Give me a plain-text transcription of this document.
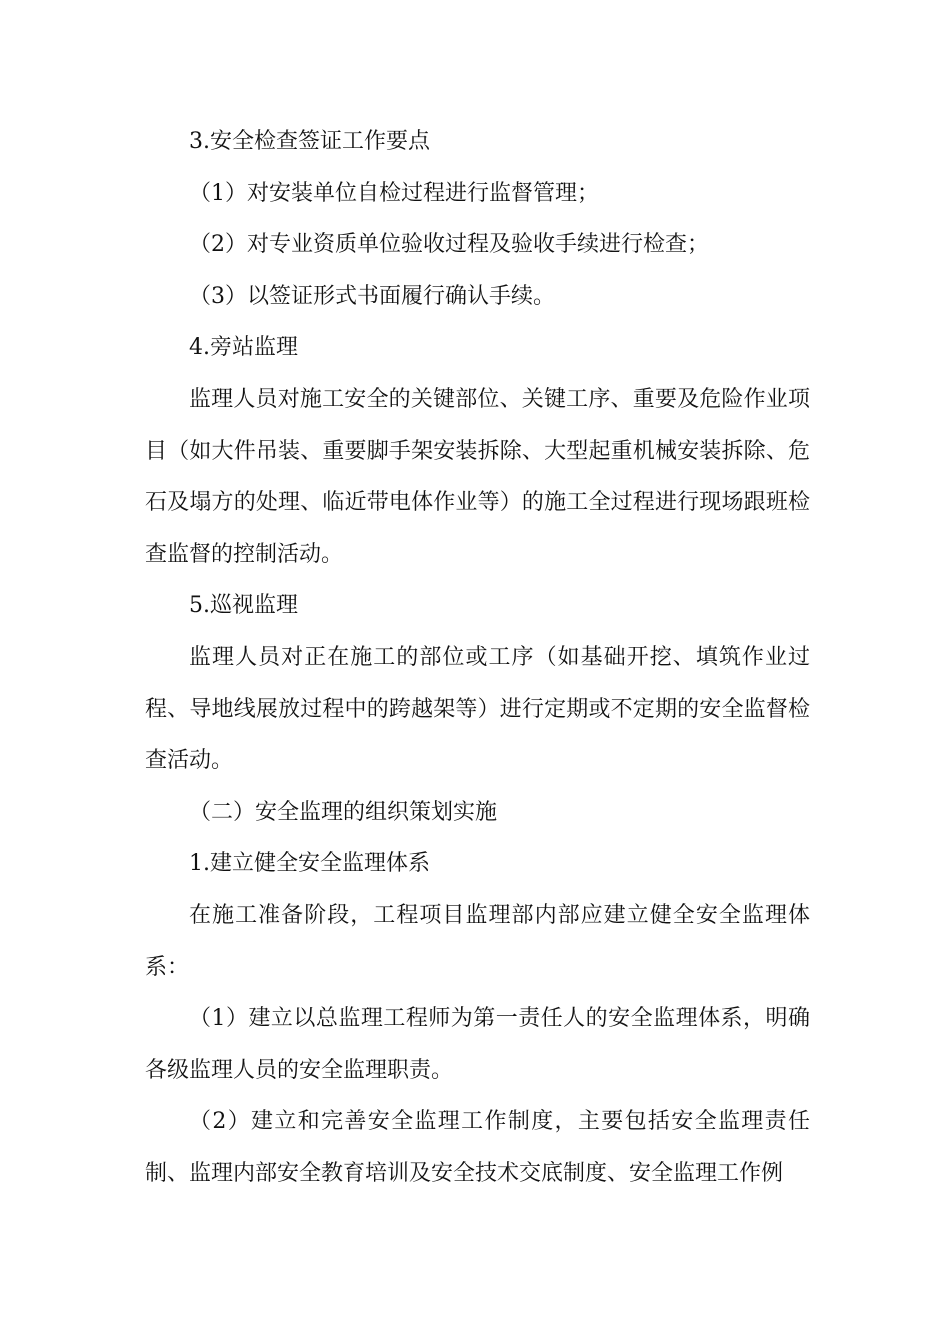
3.安全检查签证工作要点

（1）对安装单位自检过程进行监督管理；

（2）对专业资质单位验收过程及验收手续进行检查；

（3）以签证形式书面履行确认手续。

4.旁站监理

监理人员对施工安全的关键部位、关键工序、重要及危险作业项目（如大件吊装、重要脚手架安装拆除、大型起重机械安装拆除、危石及塌方的处理、临近带电体作业等）的施工全过程进行现场跟班检查监督的控制活动。

5.巡视监理

监理人员对正在施工的部位或工序（如基础开挖、填筑作业过程、导地线展放过程中的跨越架等）进行定期或不定期的安全监督检查活动。

（二）安全监理的组织策划实施

1.建立健全安全监理体系

在施工准备阶段，工程项目监理部内部应建立健全安全监理体系：

（1）建立以总监理工程师为第一责任人的安全监理体系，明确各级监理人员的安全监理职责。

（2）建立和完善安全监理工作制度，主要包括安全监理责任制、监理内部安全教育培训及安全技术交底制度、安全监理工作例
